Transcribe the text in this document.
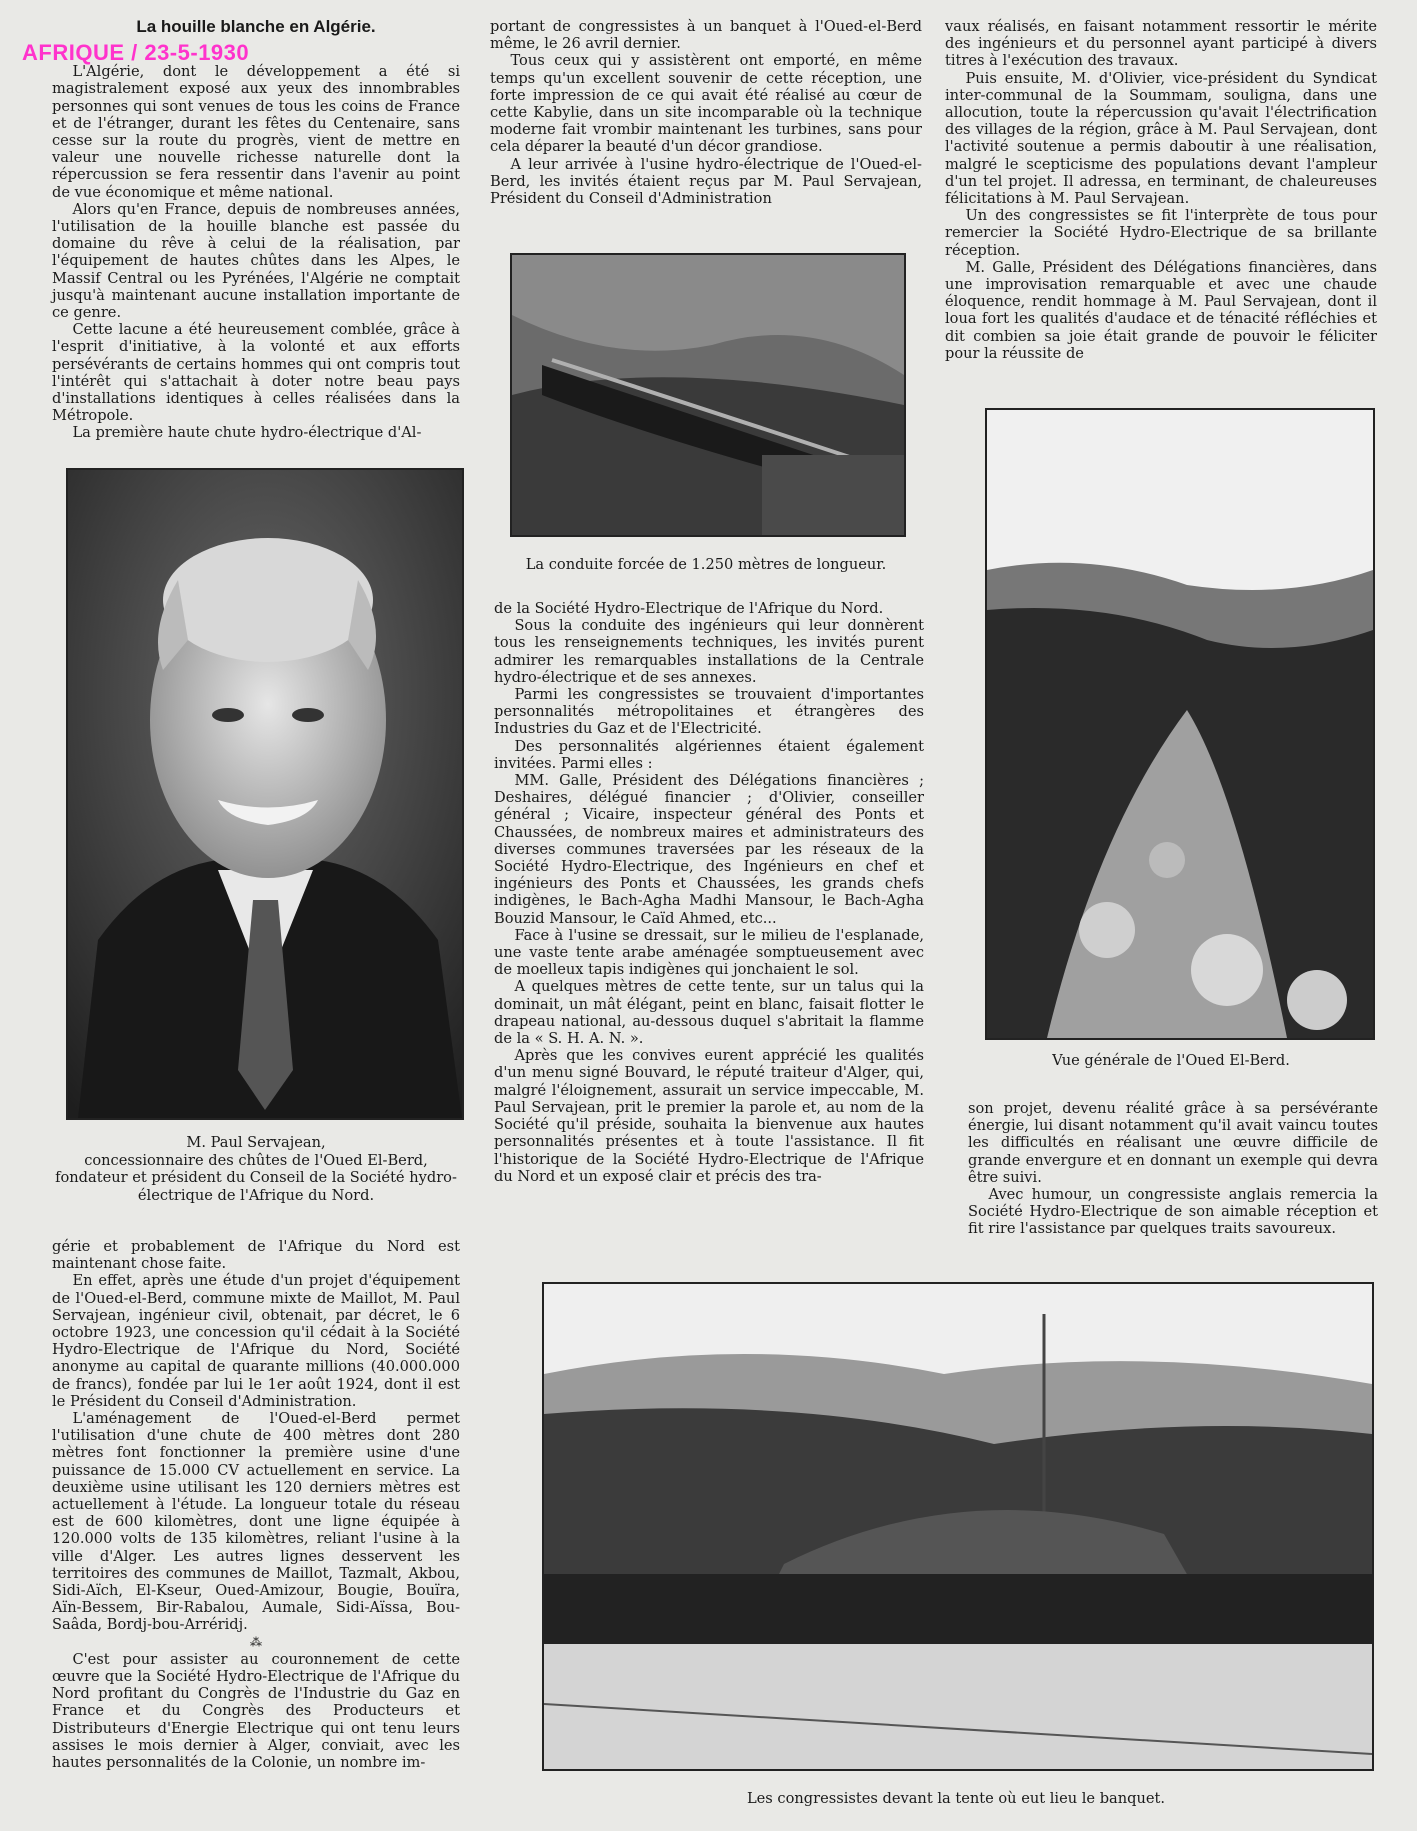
AFRIQUE / 23-5-1930

La houille blanche en Algérie.

L'Algérie, dont le développement a été si magistralement exposé aux yeux des innombrables personnes qui sont venues de tous les coins de France et de l'étranger, durant les fêtes du Centenaire, sans cesse sur la route du progrès, vient de mettre en valeur une nouvelle richesse naturelle dont la répercussion se fera ressentir dans l'avenir au point de vue économique et même national.

Alors qu'en France, depuis de nombreuses années, l'utilisation de la houille blanche est passée du domaine du rêve à celui de la réalisation, par l'équipement de hautes chûtes dans les Alpes, le Massif Central ou les Pyrénées, l'Algérie ne comptait jusqu'à maintenant aucune installation importante de ce genre.

Cette lacune a été heureusement comblée, grâce à l'esprit d'initiative, à la volonté et aux efforts persévérants de certains hommes qui ont compris tout l'intérêt qui s'attachait à doter notre beau pays d'installations identiques à celles réalisées dans la Métropole.

La première haute chute hydro-électrique d'Al-

M. Paul Servajean,
concessionnaire des chûtes de l'Oued El-Berd, fondateur et président du Conseil de la Société hydro-électrique de l'Afrique du Nord.

gérie et probablement de l'Afrique du Nord est maintenant chose faite.

En effet, après une étude d'un projet d'équipement de l'Oued-el-Berd, commune mixte de Maillot, M. Paul Servajean, ingénieur civil, obtenait, par décret, le 6 octobre 1923, une concession qu'il cédait à la Société Hydro-Electrique de l'Afrique du Nord, Société anonyme au capital de quarante millions (40.000.000 de francs), fondée par lui le 1er août 1924, dont il est le Président du Conseil d'Administration.

L'aménagement de l'Oued-el-Berd permet l'utilisation d'une chute de 400 mètres dont 280 mètres font fonctionner la première usine d'une puissance de 15.000 CV actuellement en service. La deuxième usine utilisant les 120 derniers mètres est actuellement à l'étude. La longueur totale du réseau est de 600 kilomètres, dont une ligne équipée à 120.000 volts de 135 kilomètres, reliant l'usine à la ville d'Alger. Les autres lignes desservent les territoires des communes de Maillot, Tazmalt, Akbou, Sidi-Aïch, El-Kseur, Oued-Amizour, Bougie, Bouïra, Aïn-Bessem, Bir-Rabalou, Aumale, Sidi-Aïssa, Bou-Saâda, Bordj-bou-Arréridj.

⁂

C'est pour assister au couronnement de cette œuvre que la Société Hydro-Electrique de l'Afrique du Nord profitant du Congrès de l'Industrie du Gaz en France et du Congrès des Producteurs et Distributeurs d'Energie Electrique qui ont tenu leurs assises le mois dernier à Alger, conviait, avec les hautes personnalités de la Colonie, un nombre im-

portant de congressistes à un banquet à l'Oued-el-Berd même, le 26 avril dernier.

Tous ceux qui y assistèrent ont emporté, en même temps qu'un excellent souvenir de cette réception, une forte impression de ce qui avait été réalisé au cœur de cette Kabylie, dans un site incomparable où la technique moderne fait vrombir maintenant les turbines, sans pour cela déparer la beauté d'un décor grandiose.

A leur arrivée à l'usine hydro-électrique de l'Oued-el-Berd, les invités étaient reçus par M. Paul Servajean, Président du Conseil d'Administration

La conduite forcée de 1.250 mètres de longueur.

de la Société Hydro-Electrique de l'Afrique du Nord.

Sous la conduite des ingénieurs qui leur donnèrent tous les renseignements techniques, les invités purent admirer les remarquables installations de la Centrale hydro-électrique et de ses annexes.

Parmi les congressistes se trouvaient d'importantes personnalités métropolitaines et étrangères des Industries du Gaz et de l'Electricité.

Des personnalités algériennes étaient également invitées. Parmi elles :

MM. Galle, Président des Délégations financières ; Deshaires, délégué financier ; d'Olivier, conseiller général ; Vicaire, inspecteur général des Ponts et Chaussées, de nombreux maires et administrateurs des diverses communes traversées par les réseaux de la Société Hydro-Electrique, des Ingénieurs en chef et ingénieurs des Ponts et Chaussées, les grands chefs indigènes, le Bach-Agha Madhi Mansour, le Bach-Agha Bouzid Mansour, le Caïd Ahmed, etc...

Face à l'usine se dressait, sur le milieu de l'esplanade, une vaste tente arabe aménagée somptueusement avec de moelleux tapis indigènes qui jonchaient le sol.

A quelques mètres de cette tente, sur un talus qui la dominait, un mât élégant, peint en blanc, faisait flotter le drapeau national, au-dessous duquel s'abritait la flamme de la « S. H. A. N. ».

Après que les convives eurent apprécié les qualités d'un menu signé Bouvard, le réputé traiteur d'Alger, qui, malgré l'éloignement, assurait un service impeccable, M. Paul Servajean, prit le premier la parole et, au nom de la Société qu'il préside, souhaita la bienvenue aux hautes personnalités présentes et à toute l'assistance. Il fit l'historique de la Société Hydro-Electrique de l'Afrique du Nord et un exposé clair et précis des tra-

vaux réalisés, en faisant notamment ressortir le mérite des ingénieurs et du personnel ayant participé à divers titres à l'exécution des travaux.

Puis ensuite, M. d'Olivier, vice-président du Syndicat inter-communal de la Soummam, souligna, dans une allocution, toute la répercussion qu'avait l'électrification des villages de la région, grâce à M. Paul Servajean, dont l'activité soutenue a permis daboutir à une réalisation, malgré le scepticisme des populations devant l'ampleur d'un tel projet. Il adressa, en terminant, de chaleureuses félicitations à M. Paul Servajean.

Un des congressistes se fit l'interprète de tous pour remercier la Société Hydro-Electrique de sa brillante réception.

M. Galle, Président des Délégations financières, dans une improvisation remarquable et avec une chaude éloquence, rendit hommage à M. Paul Servajean, dont il loua fort les qualités d'audace et de ténacité réfléchies et dit combien sa joie était grande de pouvoir le féliciter pour la réussite de

Vue générale de l'Oued El-Berd.

son projet, devenu réalité grâce à sa persévérante énergie, lui disant notamment qu'il avait vaincu toutes les difficultés en réalisant une œuvre difficile de grande envergure et en donnant un exemple qui devra être suivi.

Avec humour, un congressiste anglais remercia la Société Hydro-Electrique de son aimable réception et fit rire l'assistance par quelques traits savoureux.

Les congressistes devant la tente où eut lieu le banquet.
